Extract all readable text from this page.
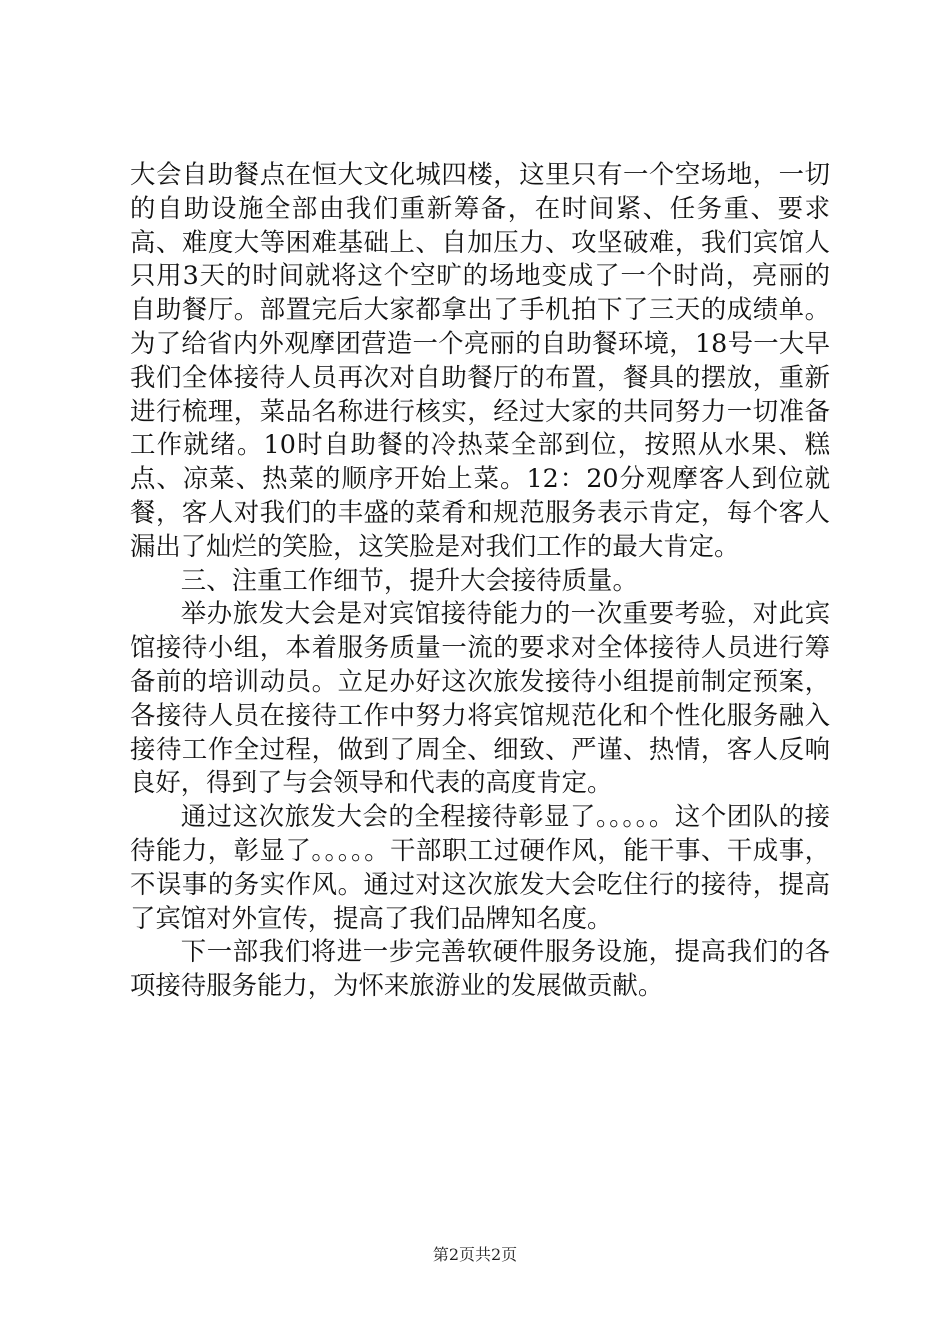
大会自助餐点在恒大文化城四楼，这里只有一个空场地，一切的自助设施全部由我们重新筹备，在时间紧、任务重、要求高、难度大等困难基础上、自加压力、攻坚破难，我们宾馆人只用3天的时间就将这个空旷的场地变成了一个时尚，亮丽的自助餐厅。部置完后大家都拿出了手机拍下了三天的成绩单。为了给省内外观摩团营造一个亮丽的自助餐环境，18号一大早我们全体接待人员再次对自助餐厅的布置，餐具的摆放，重新进行梳理，菜品名称进行核实，经过大家的共同努力一切准备工作就绪。10时自助餐的冷热菜全部到位，按照从水果、糕点、凉菜、热菜的顺序开始上菜。12：20分观摩客人到位就餐，客人对我们的丰盛的菜肴和规范服务表示肯定，每个客人漏出了灿烂的笑脸，这笑脸是对我们工作的最大肯定。

三、注重工作细节，提升大会接待质量。

举办旅发大会是对宾馆接待能力的一次重要考验，对此宾馆接待小组，本着服务质量一流的要求对全体接待人员进行筹备前的培训动员。立足办好这次旅发接待小组提前制定预案，各接待人员在接待工作中努力将宾馆规范化和个性化服务融入接待工作全过程，做到了周全、细致、严谨、热情，客人反响良好，得到了与会领导和代表的高度肯定。

通过这次旅发大会的全程接待彰显了。。。。。这个团队的接待能力，彰显了。。。。。干部职工过硬作风，能干事、干成事，不误事的务实作风。通过对这次旅发大会吃住行的接待，提高了宾馆对外宣传，提高了我们品牌知名度。

下一部我们将进一步完善软硬件服务设施，提高我们的各项接待服务能力，为怀来旅游业的发展做贡献。

第2页共2页
